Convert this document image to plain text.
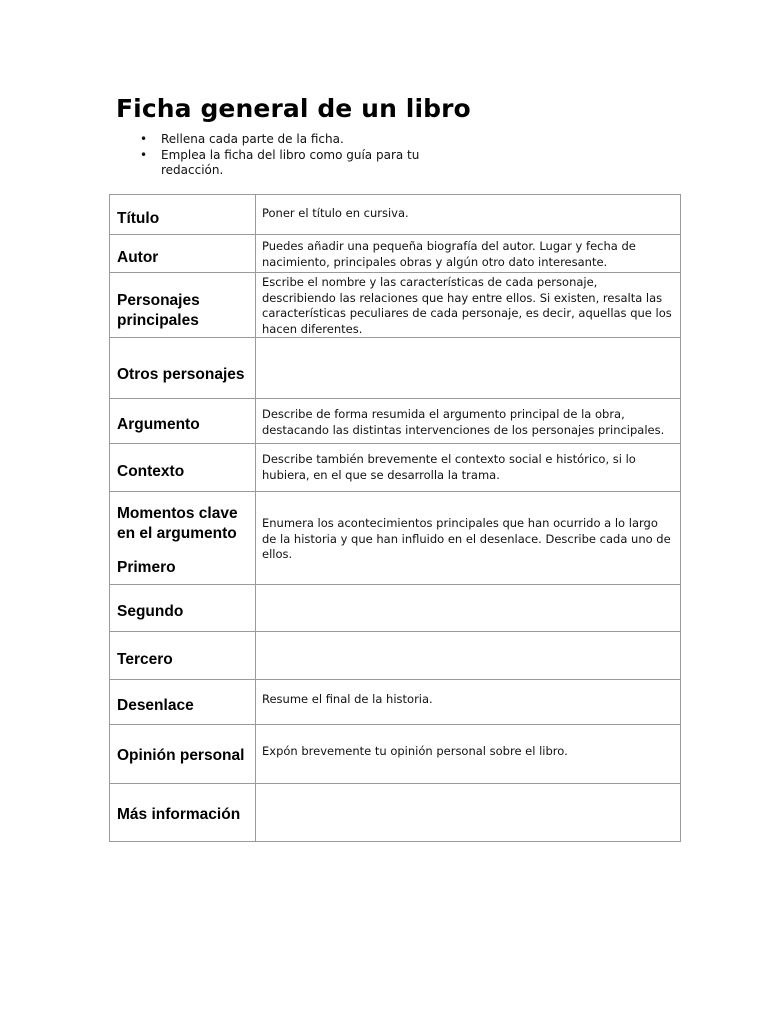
Ficha general de un libro
• Rellena cada parte de la ficha.
• Emplea la ficha del libro como guía para tu redacción.
Título	Poner el título en cursiva.

Autor	Puedes añadir una pequeña biografía del autor. Lugar y fecha de nacimiento, principales obras y algún otro dato interesante.

Personajes principales	Escribe el nombre y las características de cada personaje, describiendo las relaciones que hay entre ellos. Si existen, resalta las características peculiares de cada personaje, es decir, aquellas que los hacen diferentes.

Otros personajes	

Argumento	Describe de forma resumida el argumento principal de la obra, destacando las distintas intervenciones de los personajes principales.

Contexto	Describe también brevemente el contexto social e histórico, si lo hubiera, en el que se desarrolla la trama.

Momentos clave en el argumento
Primero	Enumera los acontecimientos principales que han ocurrido a lo largo de la historia y que han influido en el desenlace. Describe cada uno de ellos.

Segundo	

Tercero	

Desenlace	Resume el final de la historia.

Opinión personal	Expón brevemente tu opinión personal sobre el libro.

Más información	
